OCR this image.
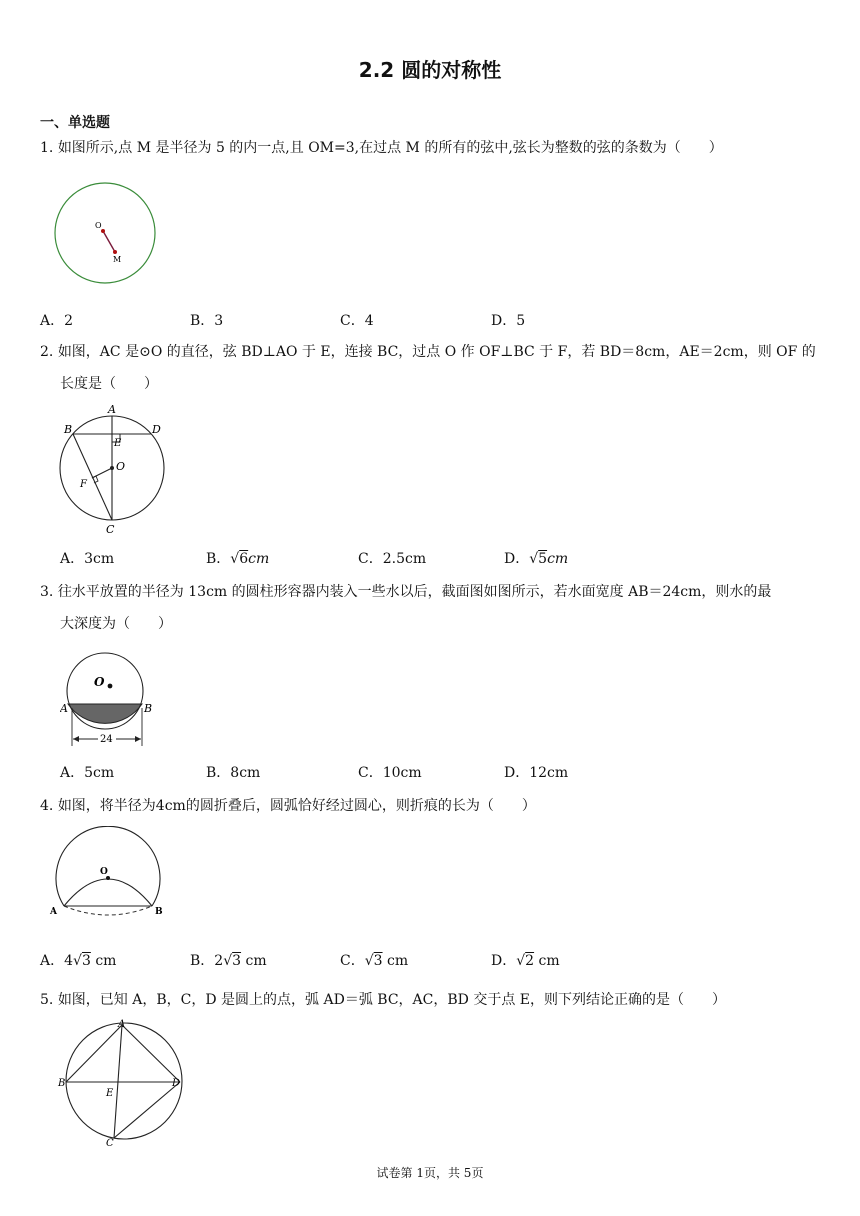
2.2 圆的对称性
一、单选题
1. 如图所示,点 M 是半径为 5 的内一点,且 OM=3,在过点 M 的所有的弦中,弦长为整数的弦的条数为（　　）
O
M
A．2	B．3	C．4	D．5
2. 如图，AC 是⊙O 的直径，弦 BD⊥AO 于 E，连接 BC，过点 O 作 OF⊥BC 于 F，若 BD＝8cm，AE＝2cm，则 OF 的
长度是（　　）
A
B	D
E
O
F
C
A．3cm	B．√6cm	C．2.5cm	D．√5cm
3. 往水平放置的半径为 13cm 的圆柱形容器内装入一些水以后，截面图如图所示，若水面宽度 AB＝24cm，则水的最
大深度为（　　）
O
A	B
24
A．5cm	B．8cm	C．10cm	D．12cm
4. 如图，将半径为4cm的圆折叠后，圆弧恰好经过圆心，则折痕的长为（　　）
O
A	B
A．4√3 cm	B．2√3 cm	C．√3 cm	D．√2 cm
5. 如图，已知 A，B，C，D 是圆上的点，弧 AD＝弧 BC，AC，BD 交于点 E，则下列结论正确的是（　　）
A
B	D
E
C
试卷第 1页，共 5页
